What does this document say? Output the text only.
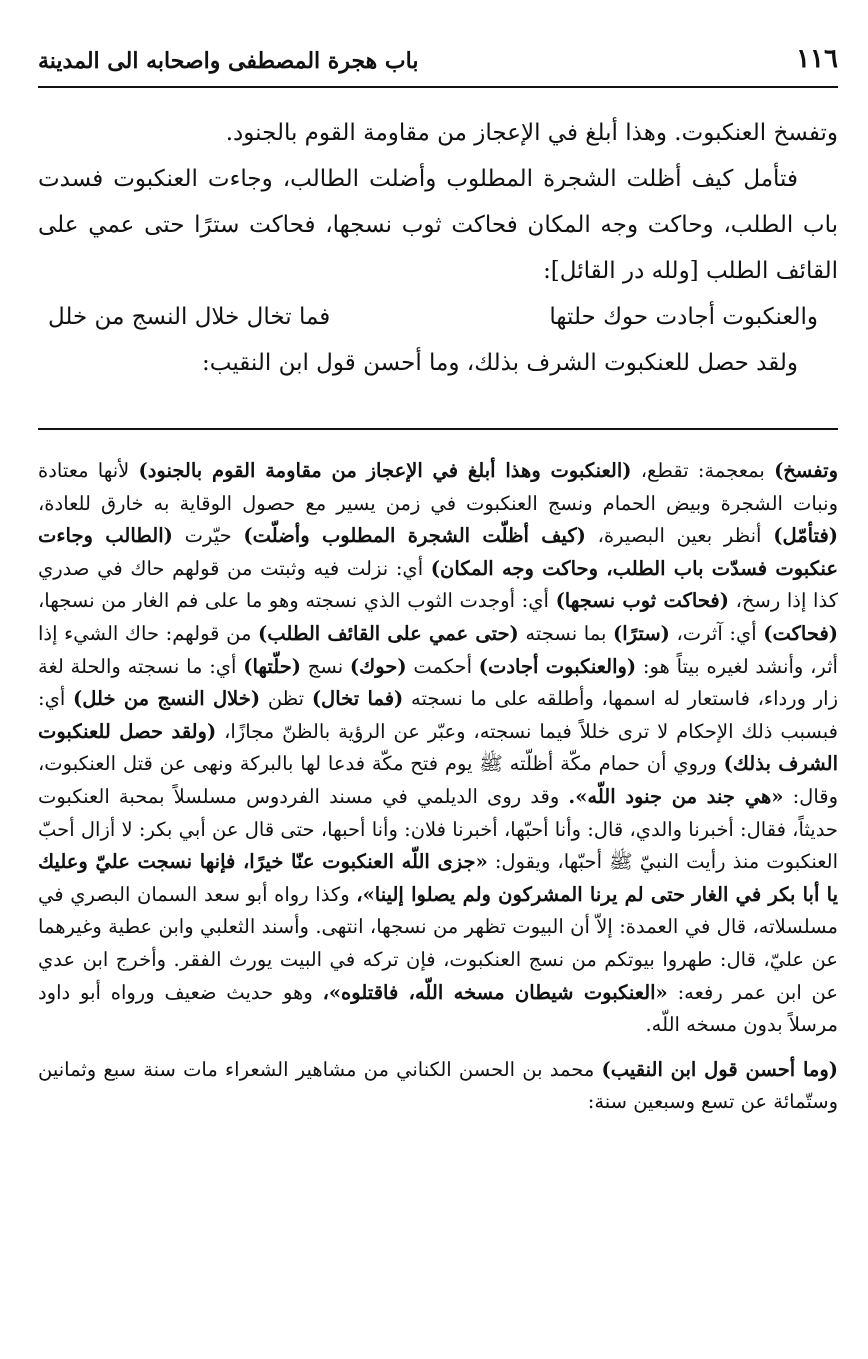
١١٦
باب هجرة المصطفى واصحابه الى المدينة

وتفسخ العنكبوت. وهذا أبلغ في الإعجاز من مقاومة القوم بالجنود.

فتأمل كيف أظلت الشجرة المطلوب وأضلت الطالب، وجاءت العنكبوت فسدت باب الطلب، وحاكت وجه المكان فحاكت ثوب نسجها، فحاكت سترًا حتى عمي على القائف الطلب [ولله در القائل]:

والعنكبوت أجادت حوك حلتها
فما تخال خلال النسج من خلل

ولقد حصل للعنكبوت الشرف بذلك، وما أحسن قول ابن النقيب:

وتفسخ) بمعجمة: تقطع، (العنكبوت وهذا أبلغ في الإعجاز من مقاومة القوم بالجنود) لأنها معتادة ونبات الشجرة وبيض الحمام ونسج العنكبوت في زمن يسير مع حصول الوقاية به خارق للعادة، (فتأمّل) أنظر بعين البصيرة، (كيف أظلّت الشجرة المطلوب وأضلّت) حيّرت (الطالب وجاءت عنكبوت فسدّت باب الطلب، وحاكت وجه المكان) أي: نزلت فيه وثبتت من قولهم حاك في صدري كذا إذا رسخ، (فحاكت ثوب نسجها) أي: أوجدت الثوب الذي نسجته وهو ما على فم الغار من نسجها، (فحاكت) أي: آثرت، (سترًا) بما نسجته (حتى عمي على القائف الطلب) من قولهم: حاك الشيء إذا أثر، وأنشد لغيره بيتاً هو: (والعنكبوت أجادت) أحكمت (حوك) نسج (حلّتها) أي: ما نسجته والحلة لغة زار ورداء، فاستعار له اسمها، وأطلقه على ما نسجته (فما تخال) تظن (خلال النسج من خلل) أي: فبسبب ذلك الإحكام لا ترى خللاً فيما نسجته، وعبّر عن الرؤية بالظنّ مجازًا، (ولقد حصل للعنكبوت الشرف بذلك) وروي أن حمام مكّة أظلّته ﷺ يوم فتح مكّة فدعا لها بالبركة ونهى عن قتل العنكبوت، وقال: «هي جند من جنود اللّه». وقد روى الديلمي في مسند الفردوس مسلسلاً بمحبة العنكبوت حديثاً، فقال: أخبرنا والدي، قال: وأنا أحبّها، أخبرنا فلان: وأنا أحبها، حتى قال عن أبي بكر: لا أزال أحبّ العنكبوت منذ رأيت النبيّ ﷺ أحبّها، ويقول: «جزى اللّه العنكبوت عنّا خيرًا، فإنها نسجت عليّ وعليك يا أبا بكر في الغار حتى لم يرنا المشركون ولم يصلوا إلينا»، وكذا رواه أبو سعد السمان البصري في مسلسلاته، قال في العمدة: إلاّ أن البيوت تظهر من نسجها، انتهى. وأسند الثعلبي وابن عطية وغيرهما عن عليّ، قال: طهروا بيوتكم من نسج العنكبوت، فإن تركه في البيت يورث الفقر. وأخرج ابن عدي عن ابن عمر رفعه: «العنكبوت شيطان مسخه اللّه، فاقتلوه»، وهو حديث ضعيف ورواه أبو داود مرسلاً بدون مسخه اللّه.

(وما أحسن قول ابن النقيب) محمد بن الحسن الكناني من مشاهير الشعراء مات سنة سبع وثمانين وستّمائة عن تسع وسبعين سنة:
